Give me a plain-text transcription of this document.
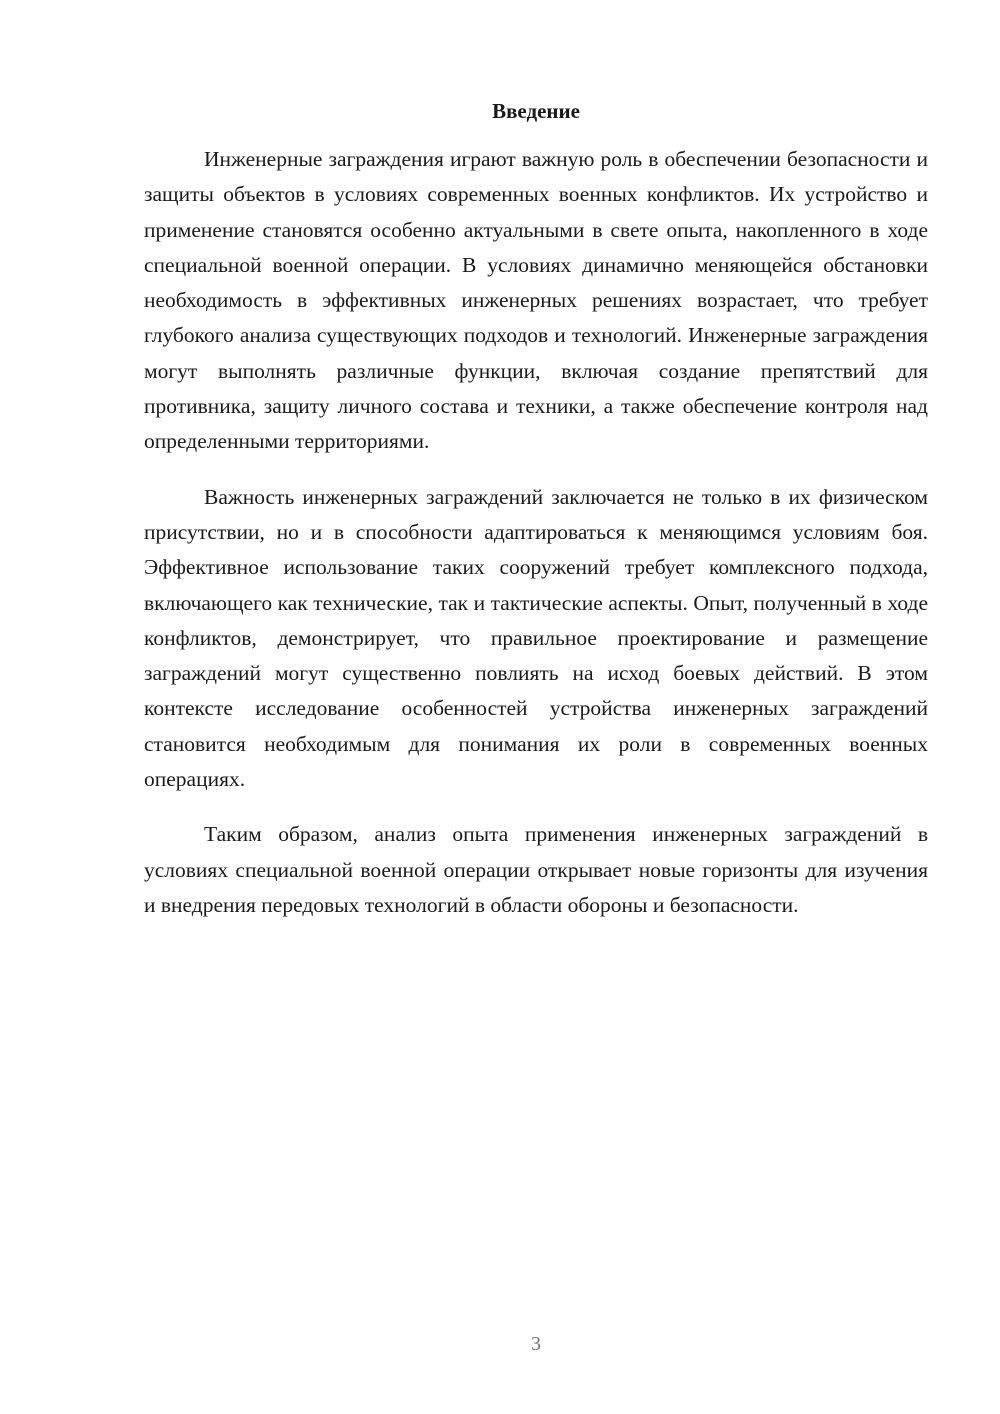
Введение

Инженерные заграждения играют важную роль в обеспечении безопасности и защиты объектов в условиях современных военных конфликтов. Их устройство и применение становятся особенно актуальными в свете опыта, накопленного в ходе специальной военной операции. В условиях динамично меняющейся обстановки необходимость в эффективных инженерных решениях возрастает, что требует глубокого анализа существующих подходов и технологий. Инженерные заграждения могут выполнять различные функции, включая создание препятствий для противника, защиту личного состава и техники, а также обеспечение контроля над определенными территориями.

Важность инженерных заграждений заключается не только в их физическом присутствии, но и в способности адаптироваться к меняющимся условиям боя. Эффективное использование таких сооружений требует комплексного подхода, включающего как технические, так и тактические аспекты. Опыт, полученный в ходе конфликтов, демонстрирует, что правильное проектирование и размещение заграждений могут существенно повлиять на исход боевых действий. В этом контексте исследование особенностей устройства инженерных заграждений становится необходимым для понимания их роли в современных военных операциях.

Таким образом, анализ опыта применения инженерных заграждений в условиях специальной военной операции открывает новые горизонты для изучения и внедрения передовых технологий в области обороны и безопасности.

3
